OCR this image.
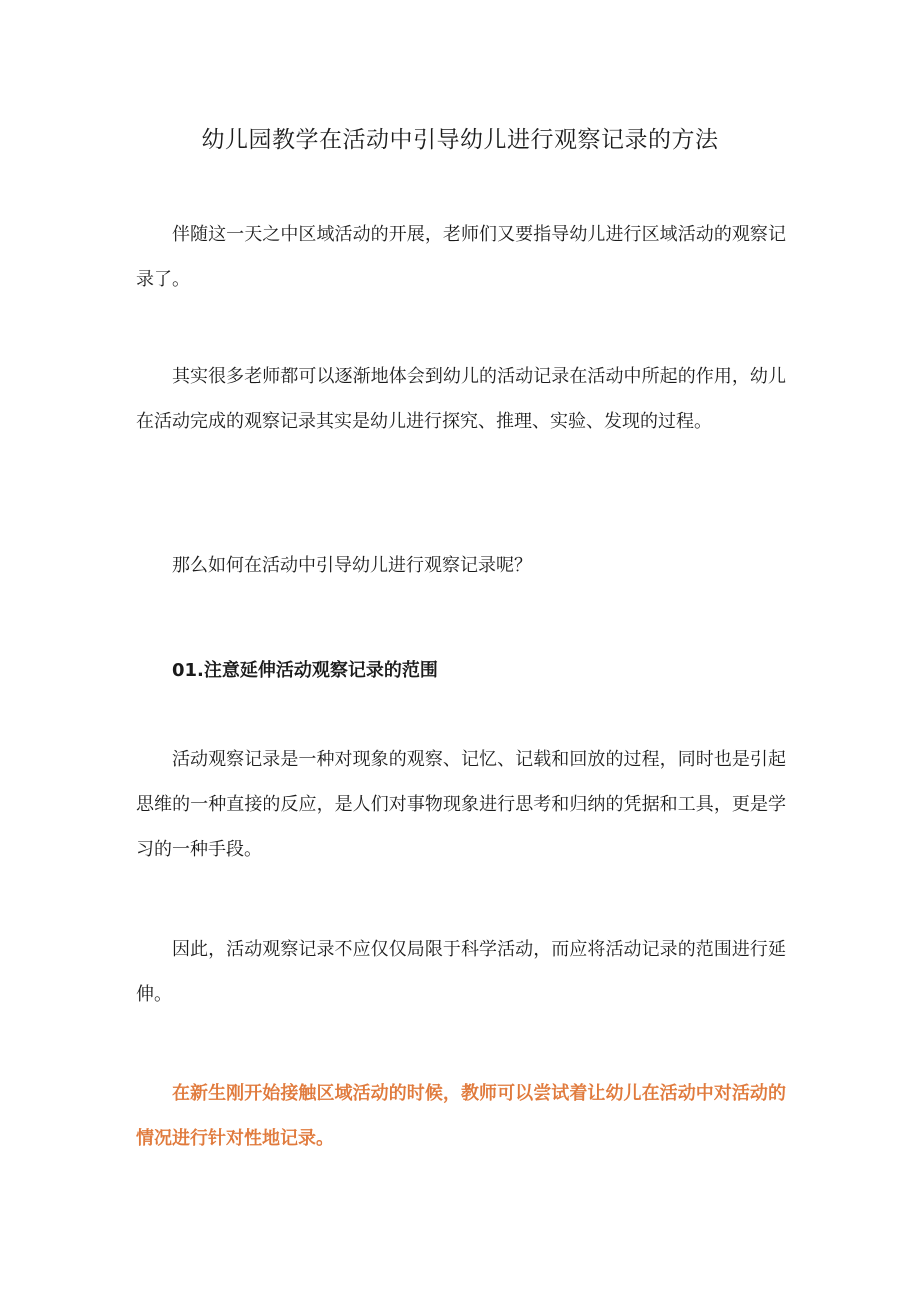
幼儿园教学在活动中引导幼儿进行观察记录的方法

伴随这一天之中区域活动的开展，老师们又要指导幼儿进行区域活动的观察记录了。

其实很多老师都可以逐渐地体会到幼儿的活动记录在活动中所起的作用，幼儿在活动完成的观察记录其实是幼儿进行探究、推理、实验、发现的过程。

那么如何在活动中引导幼儿进行观察记录呢？

01.注意延伸活动观察记录的范围

活动观察记录是一种对现象的观察、记忆、记载和回放的过程，同时也是引起思维的一种直接的反应，是人们对事物现象进行思考和归纳的凭据和工具，更是学习的一种手段。

因此，活动观察记录不应仅仅局限于科学活动，而应将活动记录的范围进行延伸。

在新生刚开始接触区域活动的时候，教师可以尝试着让幼儿在活动中对活动的情况进行针对性地记录。
